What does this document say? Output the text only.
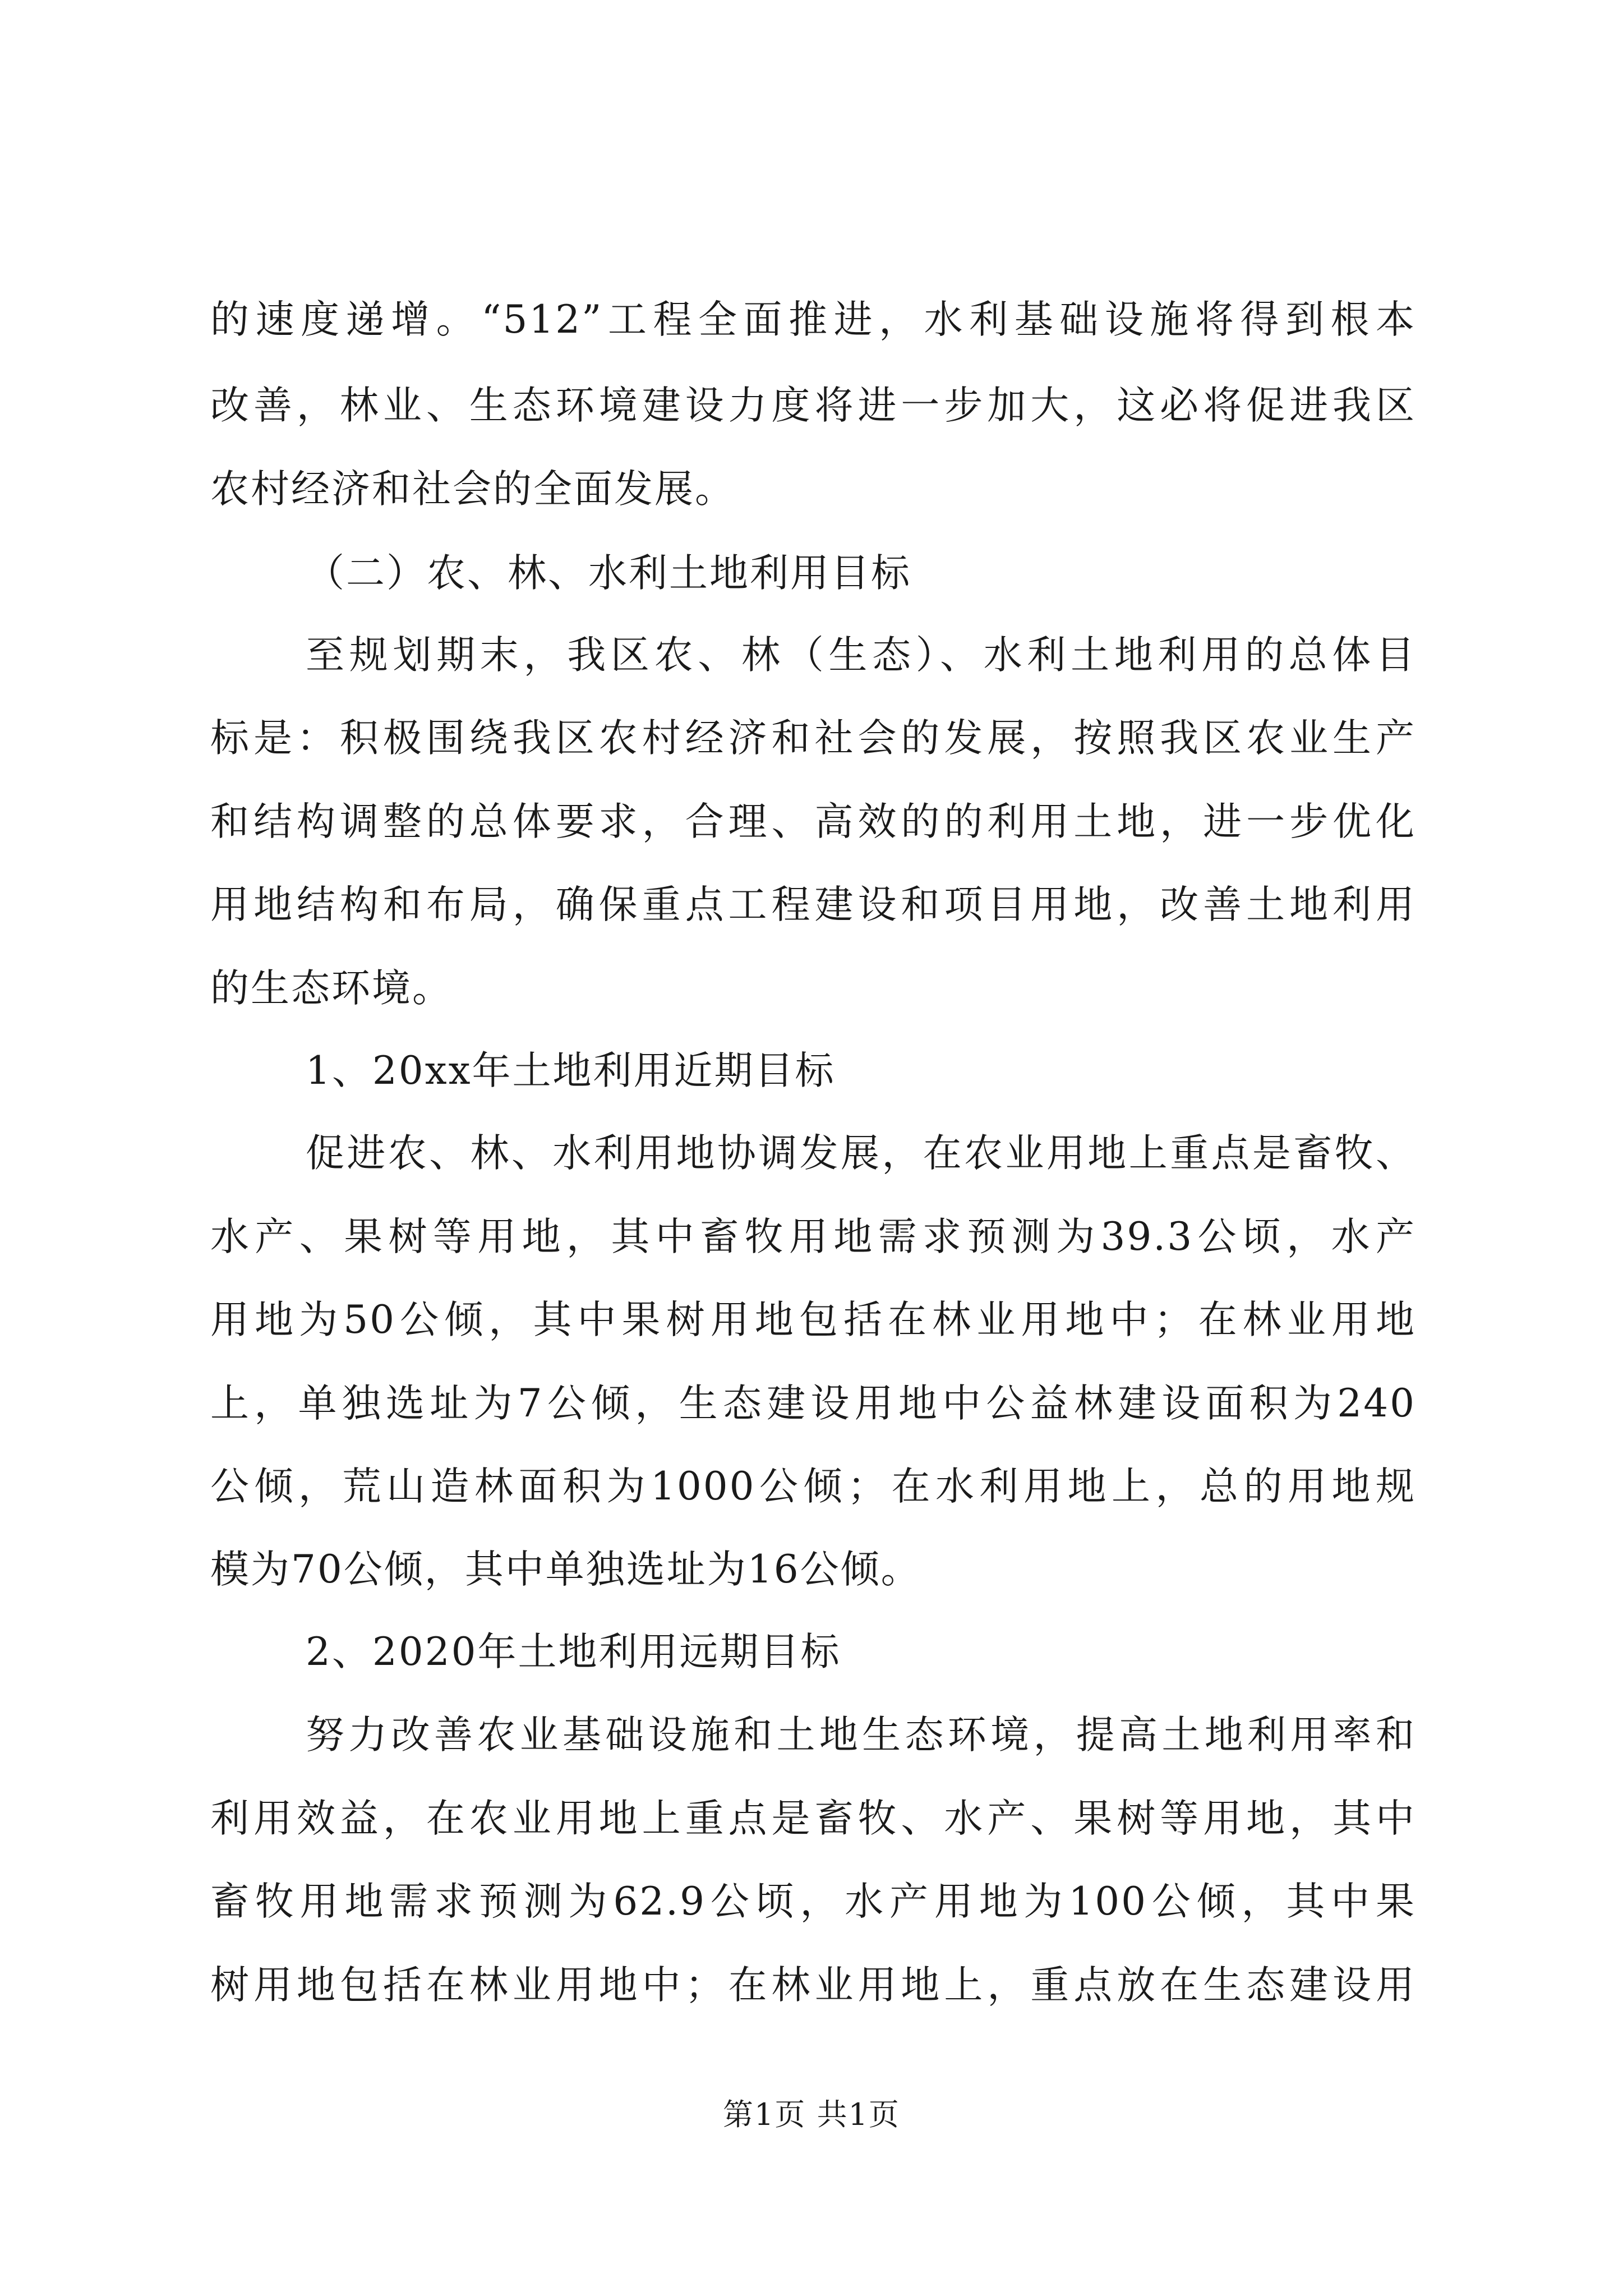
的速度递增。“512”工程全面推进，水利基础设施将得到根本
改善，林业、生态环境建设力度将进一步加大，这必将促进我区
农村经济和社会的全面发展。
（二）农、林、水利土地利用目标
至规划期末，我区农、林（生态）、水利土地利用的总体目
标是：积极围绕我区农村经济和社会的发展，按照我区农业生产
和结构调整的总体要求，合理、高效的的利用土地，进一步优化
用地结构和布局，确保重点工程建设和项目用地，改善土地利用
的生态环境。
1、20xx年土地利用近期目标
促进农、林、水利用地协调发展，在农业用地上重点是畜牧、
水产、果树等用地，其中畜牧用地需求预测为39.3公顷，水产
用地为50公倾，其中果树用地包括在林业用地中；在林业用地
上，单独选址为7公倾，生态建设用地中公益林建设面积为240
公倾，荒山造林面积为1000公倾；在水利用地上，总的用地规
模为70公倾，其中单独选址为16公倾。
2、2020年土地利用远期目标
努力改善农业基础设施和土地生态环境，提高土地利用率和
利用效益，在农业用地上重点是畜牧、水产、果树等用地，其中
畜牧用地需求预测为62.9公顷，水产用地为100公倾，其中果
树用地包括在林业用地中；在林业用地上，重点放在生态建设用
第1页 共1页
